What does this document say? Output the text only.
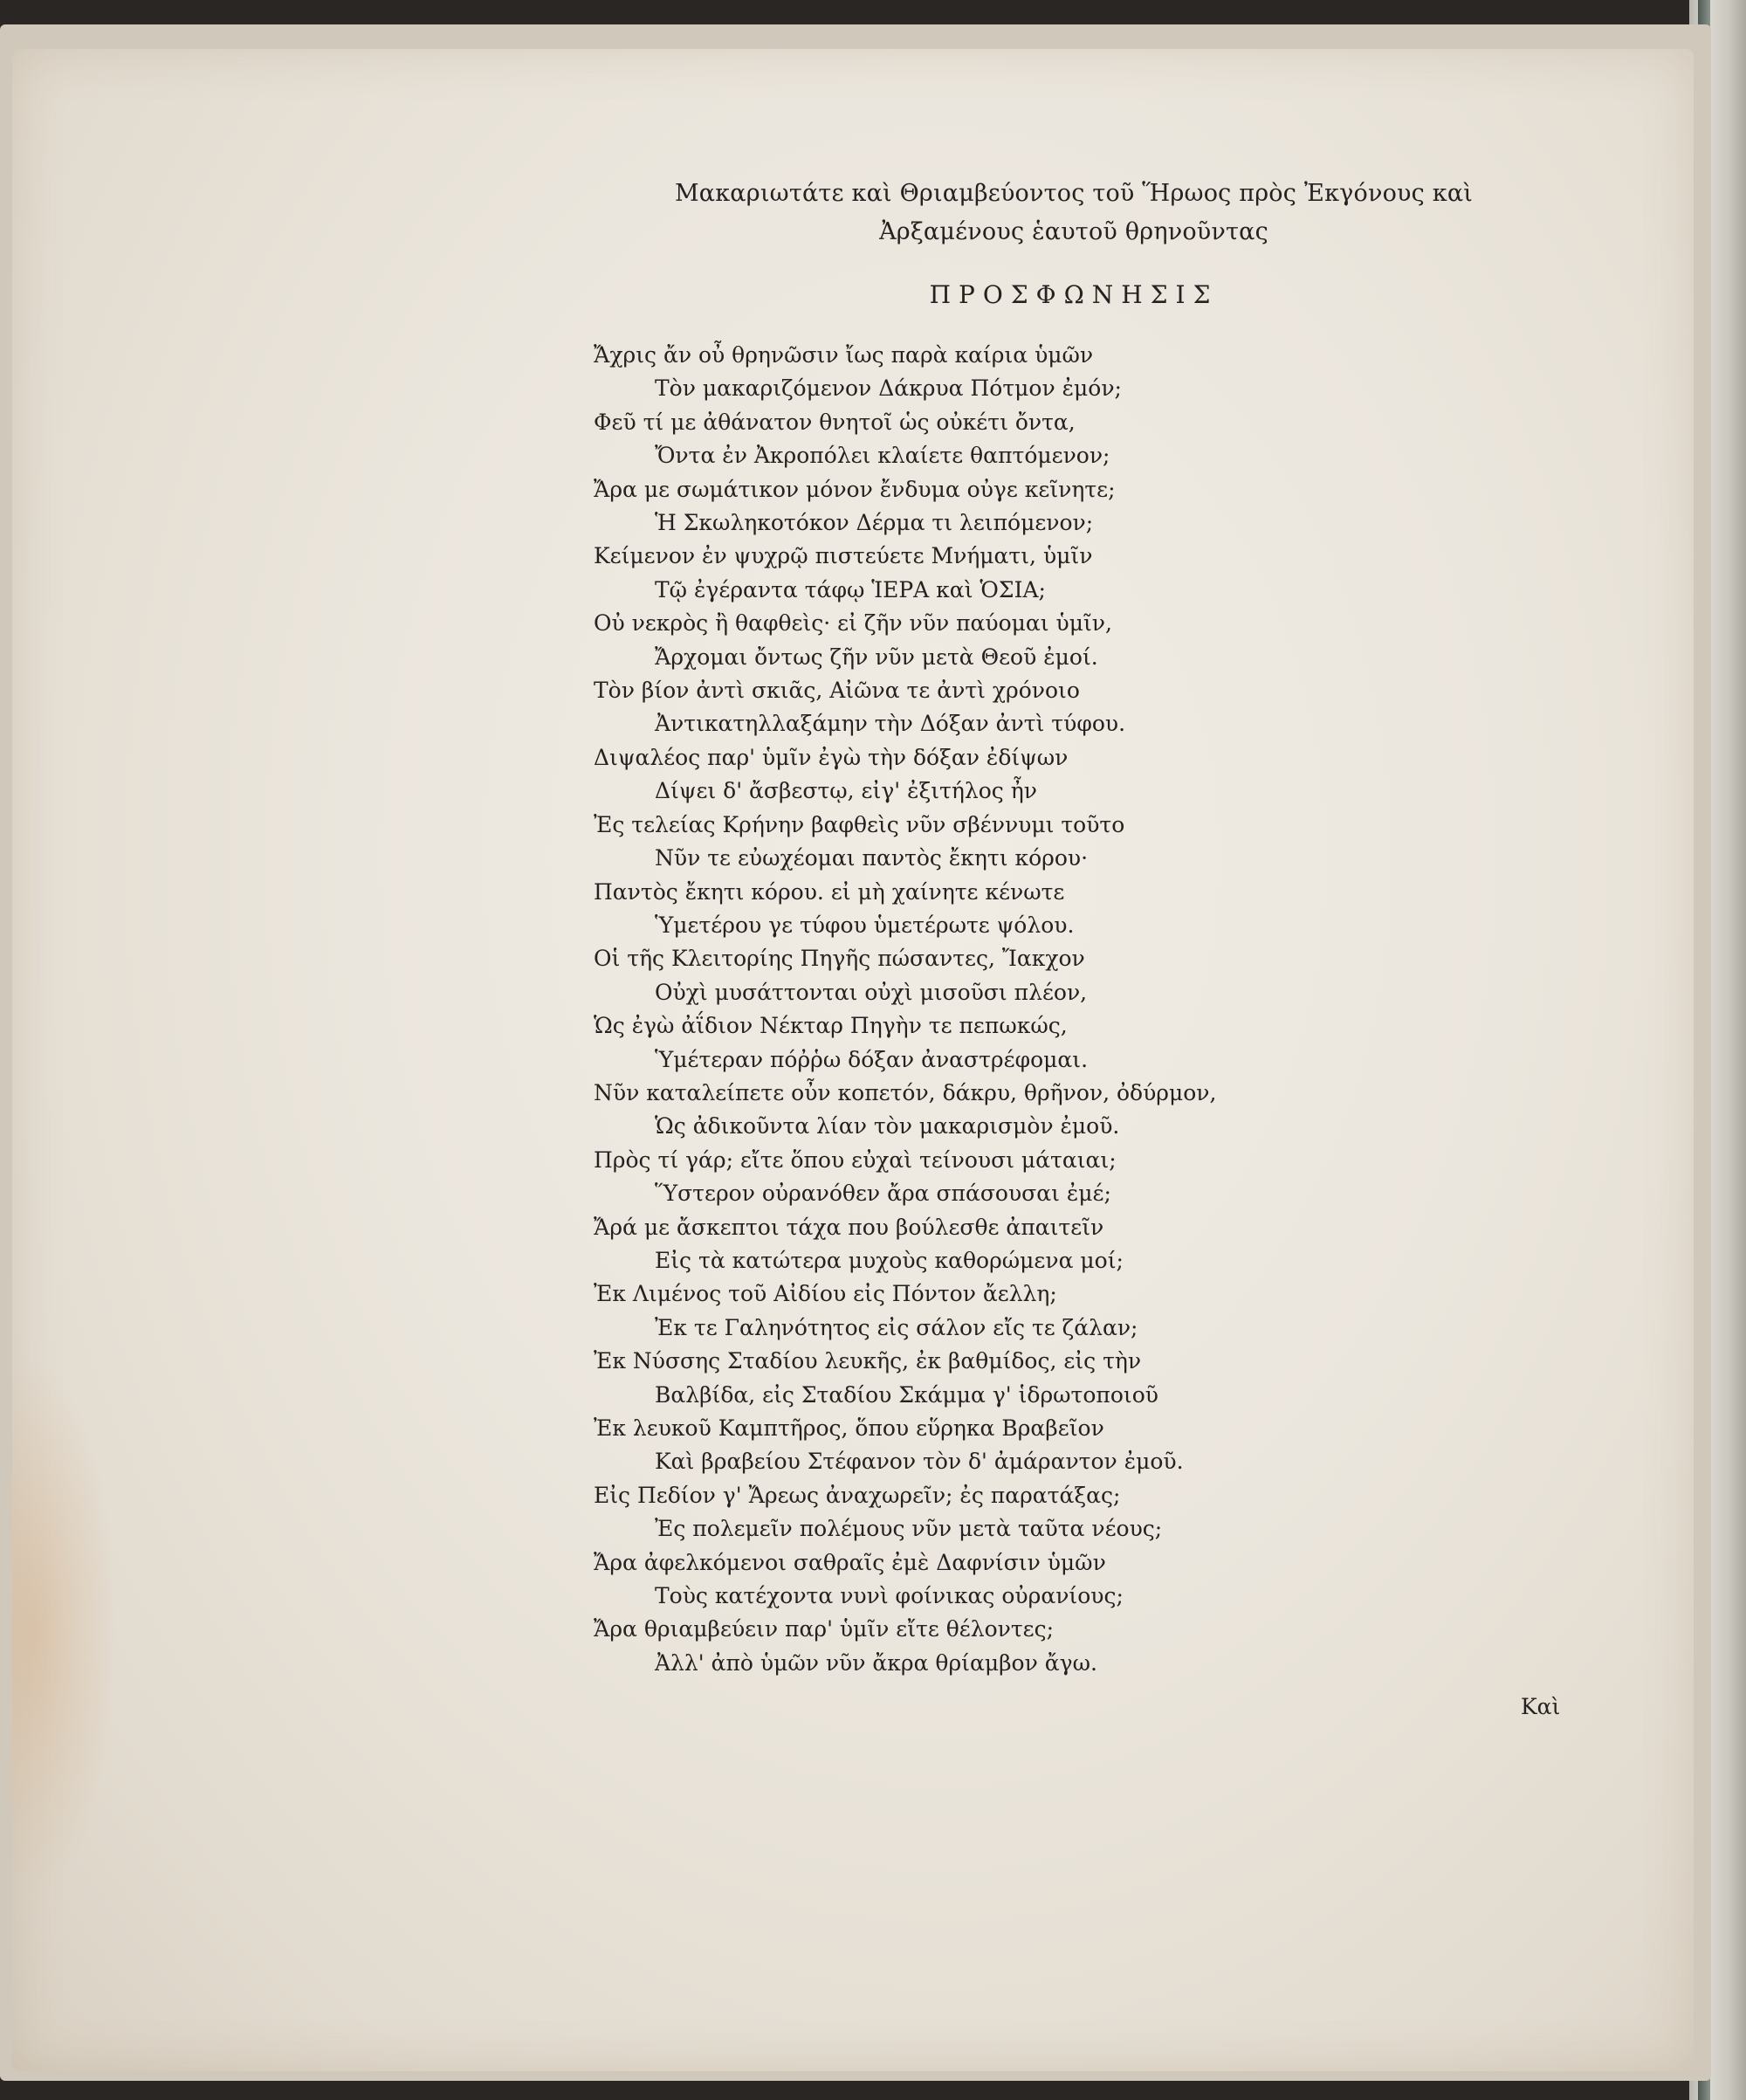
Μακαριωτάτε καὶ Θριαμβεύοντος τοῦ Ἥρωος πρὸς Ἐκγόνους καὶ
Ἀρξαμένους ἑαυτοῦ θρηνοῦντας
ΠΡΟΣΦΩΝΗΣΙΣ
Ἄχρις ἄν οὖ θρηνῶσιν ἴως παρὰ καίρια ὑμῶν
Τὸν μακαριζόμενον Δάκρυα Πότμον ἐμόν;
Φεῦ τί με ἀθάνατον θνητοῖ ὡς οὐκέτι ὄντα,
Ὄντα ἐν Ἀκροπόλει κλαίετε θαπτόμενον;
Ἄρα με σωμάτικον μόνον ἔνδυμα οὐγε κεῖνητε;
Ἡ Σκωληκοτόκον Δέρμα τι λειπόμενον;
Κείμενον ἐν ψυχρῷ πιστεύετε Μνήματι, ὑμῖν
Τῷ ἐγέραντα τάφῳ ἹΕΡΑ καὶ ὉΣΙΑ;
Οὐ νεκρὸς ἢ θαφθεὶς· εἰ ζῆν νῦν παύομαι ὑμῖν,
Ἄρχομαι ὄντως ζῆν νῦν μετὰ Θεοῦ ἐμοί.
Τὸν βίον ἀντὶ σκιᾶς, Αἰῶνα τε ἀντὶ χρόνοιο
Ἀντικατηλλαξάμην τὴν Δόξαν ἀντὶ τύφου.
Διψαλέος παρ' ὑμῖν ἐγὼ τὴν δόξαν ἐδίψων
Δίψει δ' ἄσβεστῳ, εἰγ' ἐξιτήλος ἦν
Ἐς τελείας Κρήνην βαφθεὶς νῦν σβέννυμι τοῦτο
Νῦν τε εὐωχέομαι παντὸς ἔκητι κόρου·
Παντὸς ἔκητι κόρου. εἰ μὴ χαίνητε κένωτε
Ὑμετέρου γε τύφου ὑμετέρωτε ψόλου.
Οἱ τῆς Κλειτορίης Πηγῆς πώσαντες, Ἴακχον
Οὐχὶ μυσάττονται οὐχὶ μισοῦσι πλέον,
Ὡς ἐγὼ ἀΐδιον Νέκταρ Πηγὴν τε πεπωκώς,
Ὑμέτεραν πόῤῥω δόξαν ἀναστρέφομαι.
Νῦν καταλείπετε οὖν κοπετόν, δάκρυ, θρῆνον, ὀδύρμον,
Ὡς ἀδικοῦντα λίαν τὸν μακαρισμὸν ἐμοῦ.
Πρὸς τί γάρ; εἴτε ὅπου εὐχαὶ τείνουσι μάταιαι;
Ὕστερον οὐρανόθεν ἄρα σπάσουσαι ἐμέ;
Ἄρά με ἄσκεπτοι τάχα που βούλεσθε ἀπαιτεῖν
Εἰς τὰ κατώτερα μυχοὺς καθορώμενα μοί;
Ἐκ Λιμένος τοῦ Αἰδίου εἰς Πόντον ἄελλη;
Ἐκ τε Γαληνότητος εἰς σάλον εἴς τε ζάλαν;
Ἐκ Νύσσης Σταδίου λευκῆς, ἐκ βαθμίδος, εἰς τὴν
Βαλβίδα, εἰς Σταδίου Σκάμμα γ' ἱδρωτοποιοῦ
Ἐκ λευκοῦ Καμπτῆρος, ὅπου εὕρηκα Βραβεῖον
Καὶ βραβείου Στέφανον τὸν δ' ἀμάραντον ἐμοῦ.
Εἰς Πεδίον γ' Ἄρεως ἀναχωρεῖν; ἐς παρατάξας;
Ἐς πολεμεῖν πολέμους νῦν μετὰ ταῦτα νέους;
Ἄρα ἀφελκόμενοι σαθραῖς ἐμὲ Δαφνίσιν ὑμῶν
Τοὺς κατέχοντα νυνὶ φοίνικας οὐρανίους;
Ἄρα θριαμβεύειν παρ' ὑμῖν εἴτε θέλοντες;
Ἀλλ' ἀπὸ ὑμῶν νῦν ἄκρα θρίαμβον ἄγω.
Καὶ
